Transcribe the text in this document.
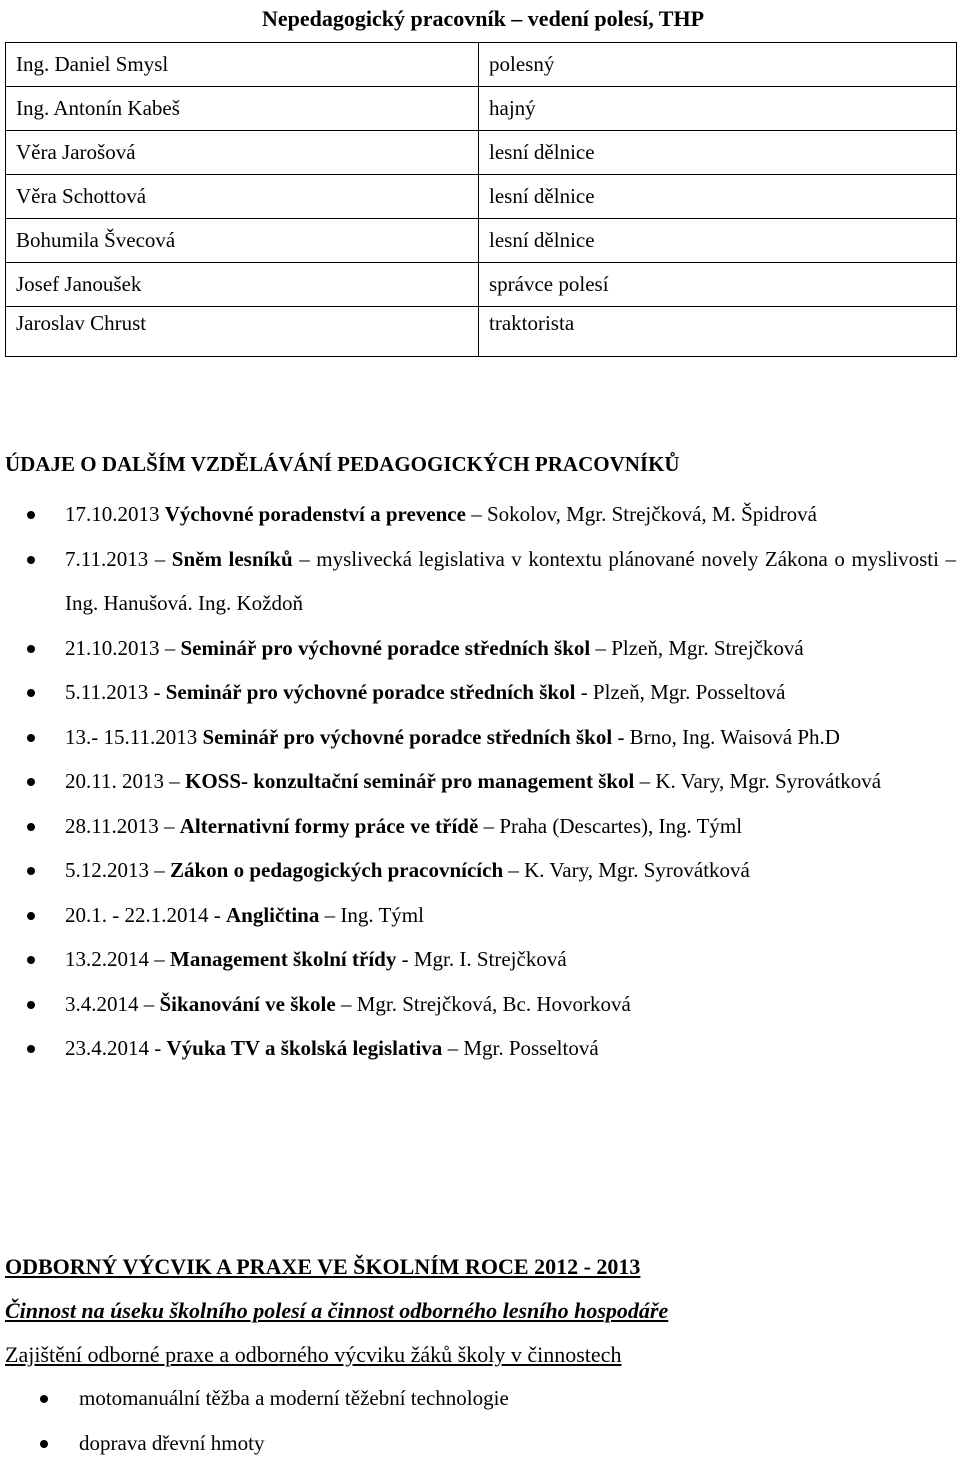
Nepedagogický pracovník – vedení polesí, THP
Ing. Daniel Smysl	polesný
Ing. Antonín Kabeš	hajný
Věra Jarošová	lesní dělnice
Věra Schottová	lesní dělnice
Bohumila Švecová	lesní dělnice
Josef Janoušek	správce polesí
Jaroslav Chrust	traktorista
ÚDAJE O DALŠÍM VZDĚLÁVÁNÍ PEDAGOGICKÝCH PRACOVNÍKŮ
17.10.2013 Výchovné poradenství a prevence – Sokolov, Mgr. Strejčková, M. Špidrová
7.11.2013 – Sněm lesníků – myslivecká legislativa v kontextu plánované novely Zákona o myslivosti – Ing. Hanušová. Ing. Koždoň
21.10.2013 – Seminář pro výchovné poradce středních škol – Plzeň, Mgr. Strejčková
5.11.2013 - Seminář pro výchovné poradce středních škol - Plzeň, Mgr. Posseltová
13.- 15.11.2013 Seminář pro výchovné poradce středních škol - Brno, Ing. Waisová Ph.D
20.11. 2013 – KOSS- konzultační seminář pro management škol – K. Vary, Mgr. Syrovátková
28.11.2013 – Alternativní formy práce ve třídě – Praha (Descartes), Ing. Týml
5.12.2013 – Zákon o pedagogických pracovnících – K. Vary, Mgr. Syrovátková
20.1. - 22.1.2014 - Angličtina – Ing. Týml
13.2.2014 – Management školní třídy - Mgr. I. Strejčková
3.4.2014 – Šikanování ve škole – Mgr. Strejčková, Bc. Hovorková
23.4.2014 - Výuka TV a školská legislativa – Mgr. Posseltová
ODBORNÝ VÝCVIK A PRAXE VE ŠKOLNÍM ROCE 2012 - 2013
Činnost na úseku školního polesí a činnost odborného lesního hospodáře
Zajištění odborné praxe a odborného výcviku žáků školy v činnostech
motomanuální těžba a moderní těžební technologie
doprava dřevní hmoty
